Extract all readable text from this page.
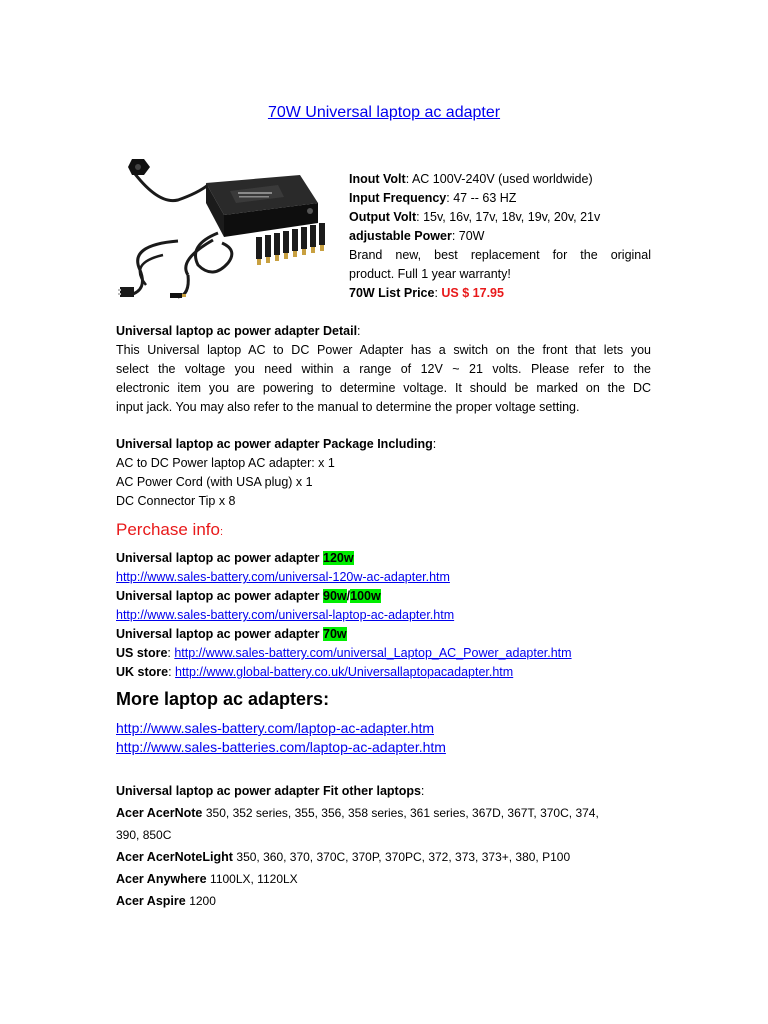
70W Universal laptop ac adapter
Inout Volt: AC 100V-240V (used worldwide)
Input Frequency: 47 -- 63 HZ
Output Volt: 15v, 16v, 17v, 18v, 19v, 20v, 21v
adjustable Power: 70W
Brand new, best replacement for the original
product. Full 1 year warranty!
70W List Price: US $ 17.95
Universal laptop ac power adapter Detail:

This Universal laptop AC to DC Power Adapter has a switch on the front that lets you

select the voltage you need within a range of 12V ~ 21 volts. Please refer to the

electronic item you are powering to determine voltage. It should be marked on the DC

input jack. You may also refer to the manual to determine the proper voltage setting.

Universal laptop ac power adapter Package Including:
AC to DC Power laptop AC adapter: x 1
AC Power Cord (with USA plug) x 1
DC Connector Tip x 8
Perchase info:
Universal laptop ac power adapter 120w
http://www.sales-battery.com/universal-120w-ac-adapter.htm
Universal laptop ac power adapter 90w/100w
http://www.sales-battery.com/universal-laptop-ac-adapter.htm
Universal laptop ac power adapter 70w
US store: http://www.sales-battery.com/universal_Laptop_AC_Power_adapter.htm
UK store: http://www.global-battery.co.uk/Universallaptopacadapter.htm
More laptop ac adapters:
http://www.sales-battery.com/laptop-ac-adapter.htm
http://www.sales-batteries.com/laptop-ac-adapter.htm
Universal laptop ac power adapter Fit other laptops:
Acer AcerNote 350, 352 series, 355, 356, 358 series, 361 series, 367D, 367T, 370C, 374,
390, 850C
Acer AcerNoteLight 350, 360, 370, 370C, 370P, 370PC, 372, 373, 373+, 380, P100
Acer Anywhere 1100LX, 1120LX
Acer Aspire 1200
